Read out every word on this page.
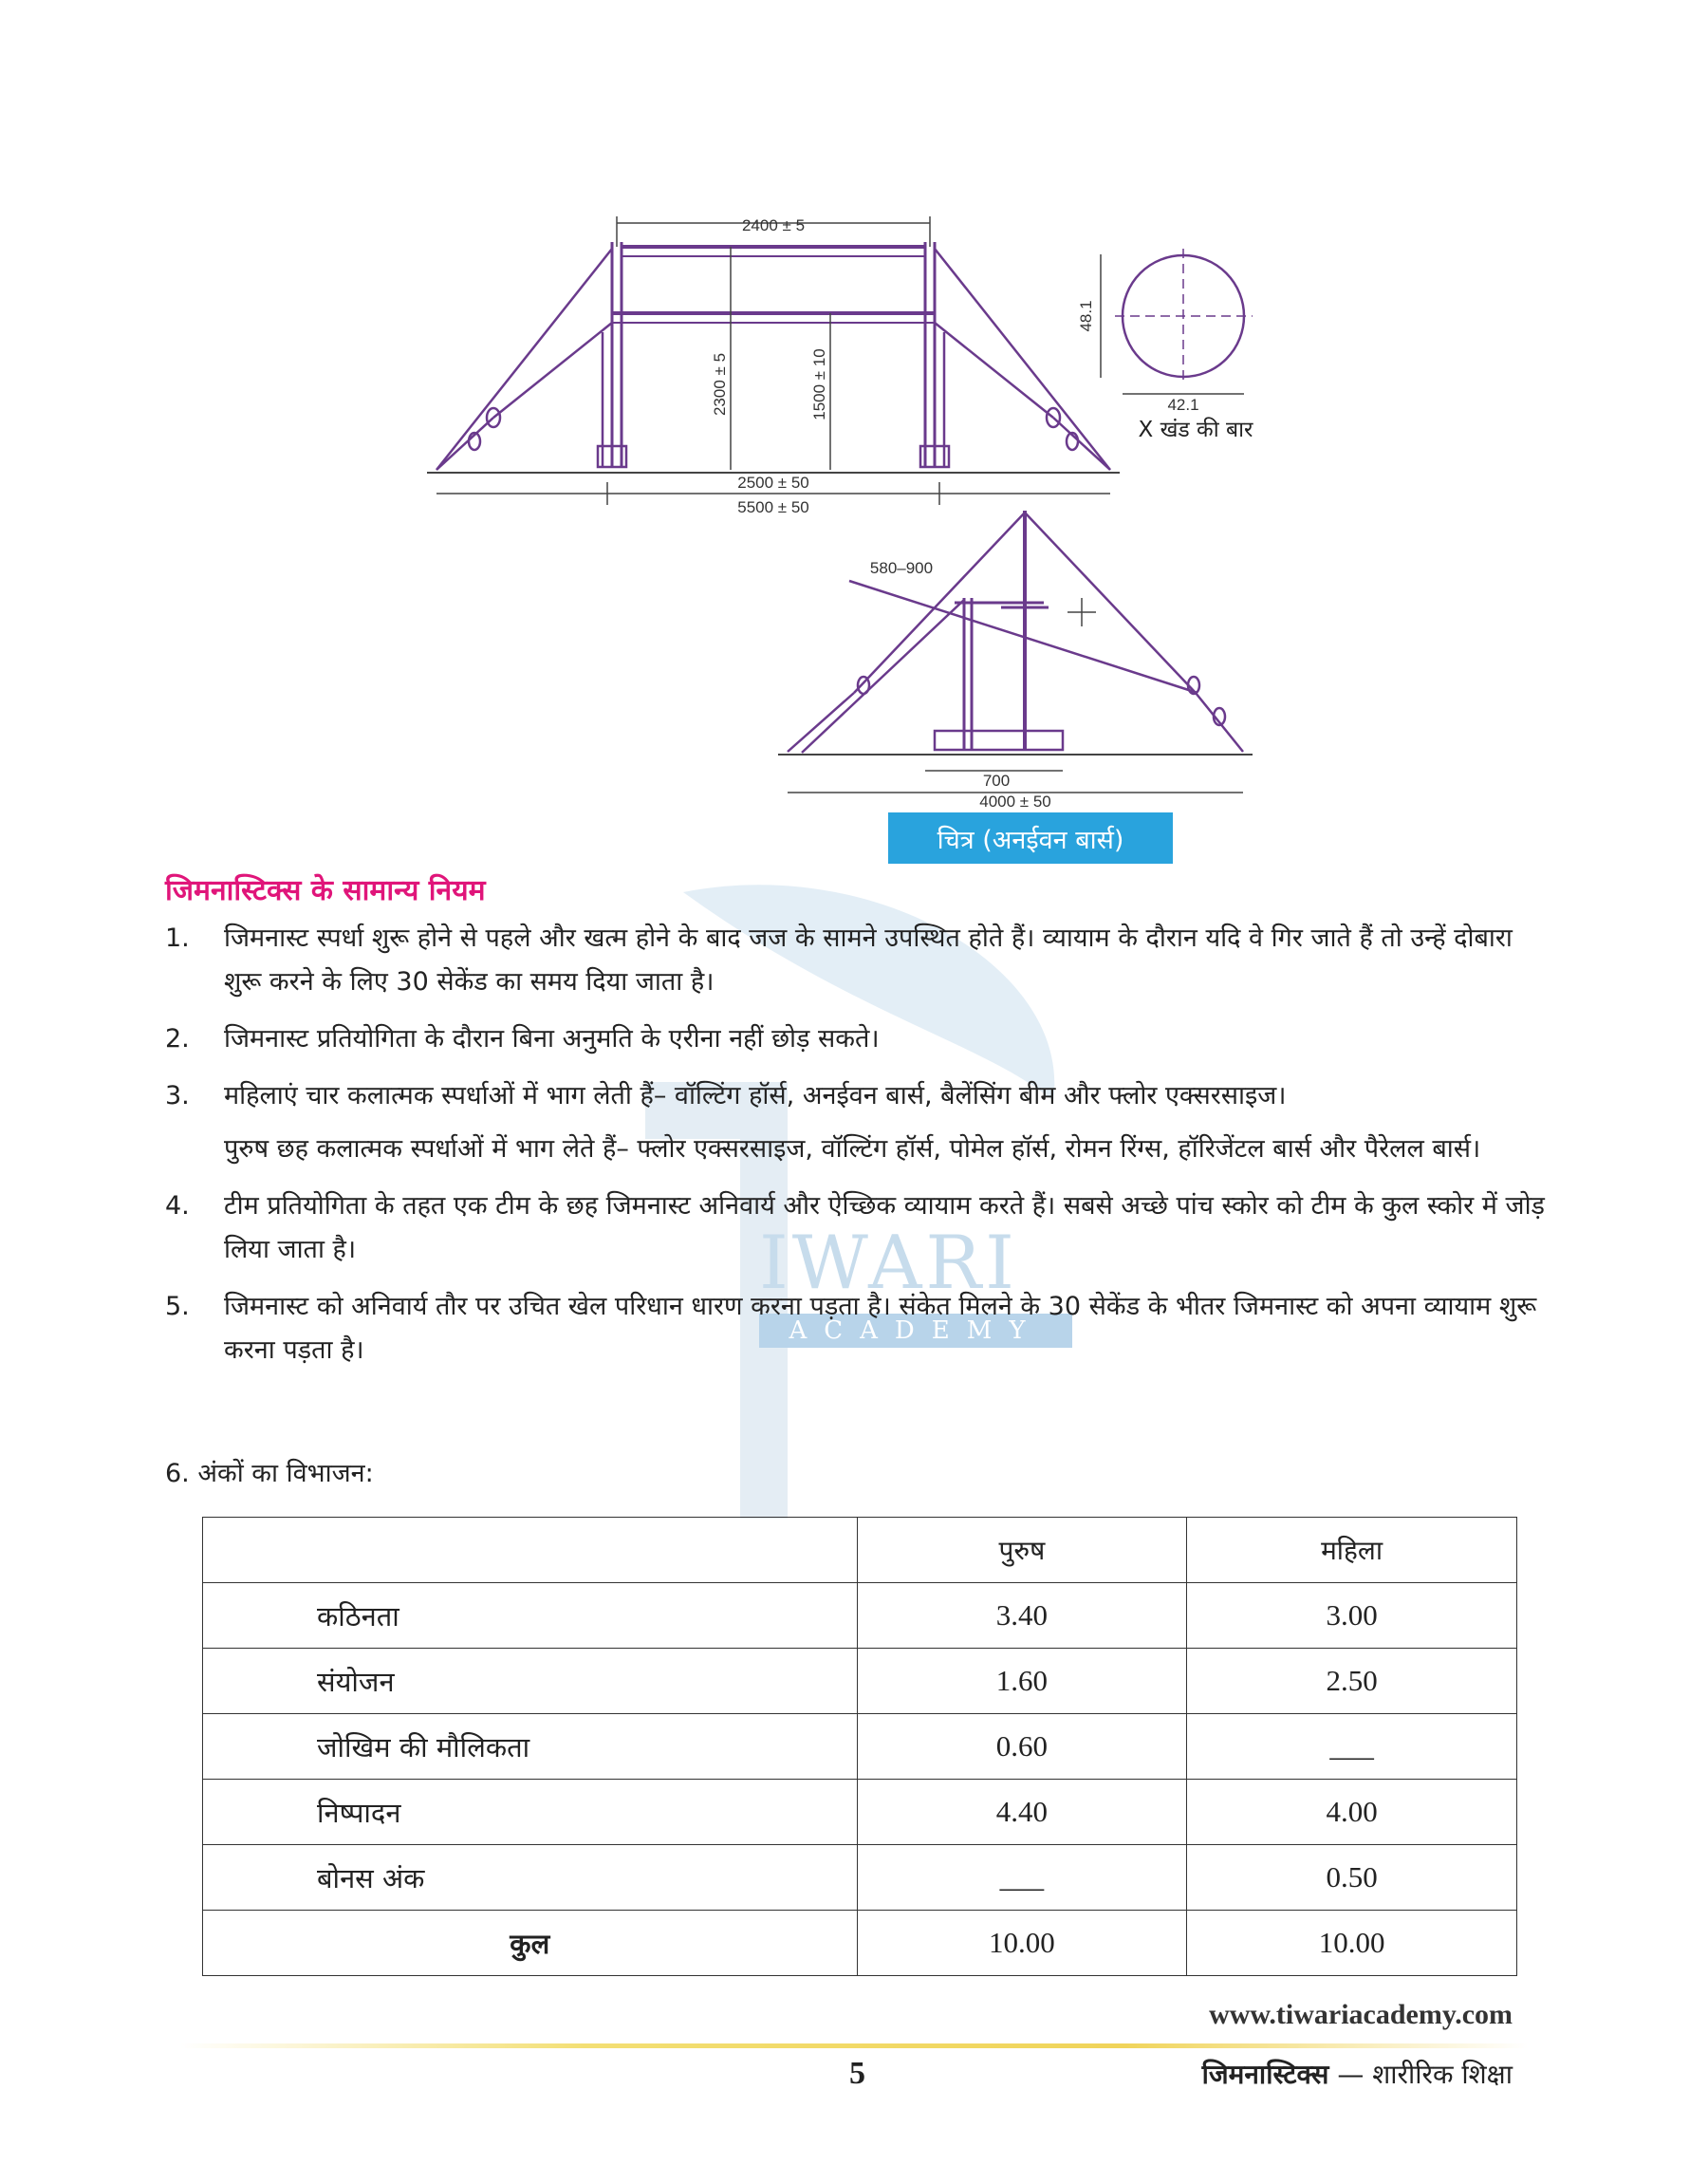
2400 ± 5
2300 ± 5	1500 ± 10
2500 ± 50
5500 ± 50
48.1
42.1
X खंड की बार
580–900
700
4000 ± 50
चित्र (अनईवन बार्स)
IWARI
ACADEMY
जिमनास्टिक्स के सामान्य नियम
1.	जिमनास्ट स्पर्धा शुरू होने से पहले और खत्म होने के बाद जज के सामने उपस्थित होते हैं। व्यायाम के दौरान यदि वे गिर जाते हैं तो उन्हें दोबारा शुरू करने के लिए 30 सेकेंड का समय दिया जाता है।
2.	जिमनास्ट प्रतियोगिता के दौरान बिना अनुमति के एरीना नहीं छोड़ सकते।
3.	महिलाएं चार कलात्मक स्पर्धाओं में भाग लेती हैं– वॉल्टिंग हॉर्स, अनईवन बार्स, बैलेंसिंग बीम और फ्लोर एक्सरसाइज।
पुरुष छह कलात्मक स्पर्धाओं में भाग लेते हैं– फ्लोर एक्सरसाइज, वॉल्टिंग हॉर्स, पोमेल हॉर्स, रोमन रिंग्स, हॉरिजेंटल बार्स और पैरेलल बार्स।
4.	टीम प्रतियोगिता के तहत एक टीम के छह जिमनास्ट अनिवार्य और ऐच्छिक व्यायाम करते हैं। सबसे अच्छे पांच स्कोर को टीम के कुल स्कोर में जोड़ लिया जाता है।
5.	जिमनास्ट को अनिवार्य तौर पर उचित खेल परिधान धारण करना पड़ता है। संकेत मिलने के 30 सेकेंड के भीतर जिमनास्ट को अपना व्यायाम शुरू करना पड़ता है।
6. अंकों का विभाजन:
	पुरुष	महिला
कठिनता	3.40	3.00
संयोजन	1.60	2.50
जोखिम की मौलिकता	0.60	___
निष्पादन	4.40	4.00
बोनस अंक	___	0.50
कुल	10.00	10.00
www.tiwariacademy.com
5	जिमनास्टिक्स — शारीरिक शिक्षा
